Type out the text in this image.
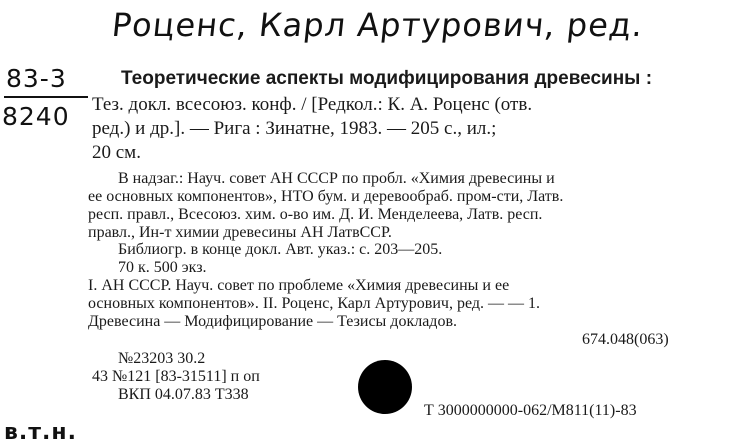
Роценс, Карл Артурович, ред.
83-3
8240
Теоретические аспекты модифицирования древесины :
Тез. докл. всесоюз. конф. / [Редкол.: К. А. Роценс (отв.
ред.) и др.]. — Рига : Зинатне, 1983. — 205 с., ил.;
20 см.
В надзаг.: Науч. совет АН СССР по пробл. «Химия древесины и
ее основных компонентов», НТО бум. и деревообраб. пром-сти, Латв.
респ. правл., Всесоюз. хим. о-во им. Д. И. Менделеева, Латв. респ.
правл., Ин-т химии древесины АН ЛатвССР.
Библиогр. в конце докл. Авт. указ.: с. 203—205.
70 к. 500 экз.
I. АН СССР. Науч. совет по проблеме «Химия древесины и ее
основных компонентов». II. Роценс, Карл Артурович, ред. — — 1.
Древесина — Модифицирование — Тезисы докладов.
674.048(063)
№23203 30.2
43 №121 [83-31511] п оп
ВКП 04.07.83 Т338
Т 3000000000-062/М811(11)-83
в.т.н.
